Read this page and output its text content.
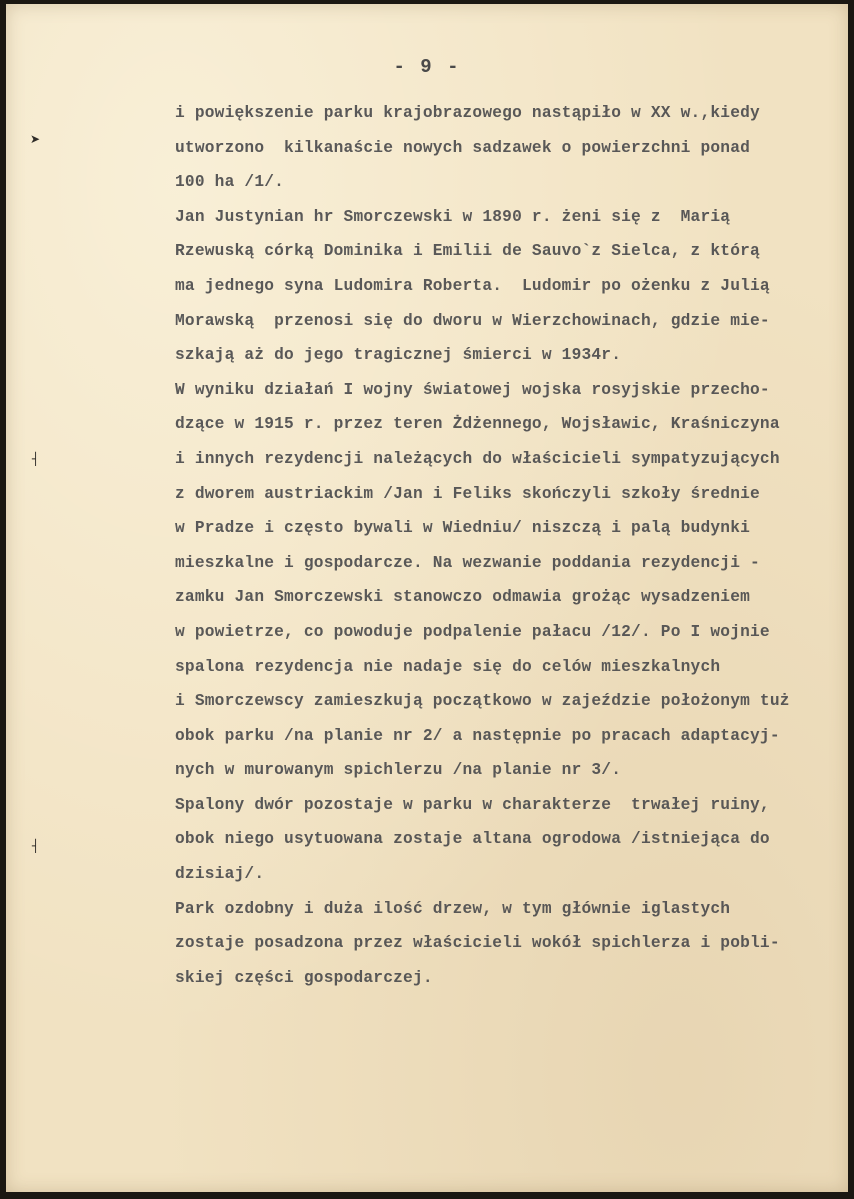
- 9 -
➤
┤
┤
i powiększenie parku krajobrazowego nastąpiło w XX w.,kiedy
utworzono  kilkanaście nowych sadzawek o powierzchni ponad
100 ha /1/.
Jan Justynian hr Smorczewski w 1890 r. żeni się z  Marią
Rzewuską córką Dominika i Emilii de Sauvo`z Sielca, z którą
ma jednego syna Ludomira Roberta.  Ludomir po ożenku z Julią
Morawską  przenosi się do dworu w Wierzchowinach, gdzie mie-
szkają aż do jego tragicznej śmierci w 1934r.
W wyniku działań I wojny światowej wojska rosyjskie przecho-
dzące w 1915 r. przez teren Żdżennego, Wojsławic, Kraśniczyna
i innych rezydencji należących do właścicieli sympatyzujących
z dworem austriackim /Jan i Feliks skończyli szkoły średnie
w Pradze i często bywali w Wiedniu/ niszczą i palą budynki
mieszkalne i gospodarcze. Na wezwanie poddania rezydencji -
zamku Jan Smorczewski stanowczo odmawia grożąc wysadzeniem
w powietrze, co powoduje podpalenie pałacu /12/. Po I wojnie
spalona rezydencja nie nadaje się do celów mieszkalnych
i Smorczewscy zamieszkują początkowo w zajeździe położonym tuż
obok parku /na planie nr 2/ a następnie po pracach adaptacyj-
nych w murowanym spichlerzu /na planie nr 3/.
Spalony dwór pozostaje w parku w charakterze  trwałej ruiny,
obok niego usytuowana zostaje altana ogrodowa /istniejąca do
dzisiaj/.
Park ozdobny i duża ilość drzew, w tym głównie iglastych
zostaje posadzona przez właścicieli wokół spichlerza i pobli-
skiej części gospodarczej.
